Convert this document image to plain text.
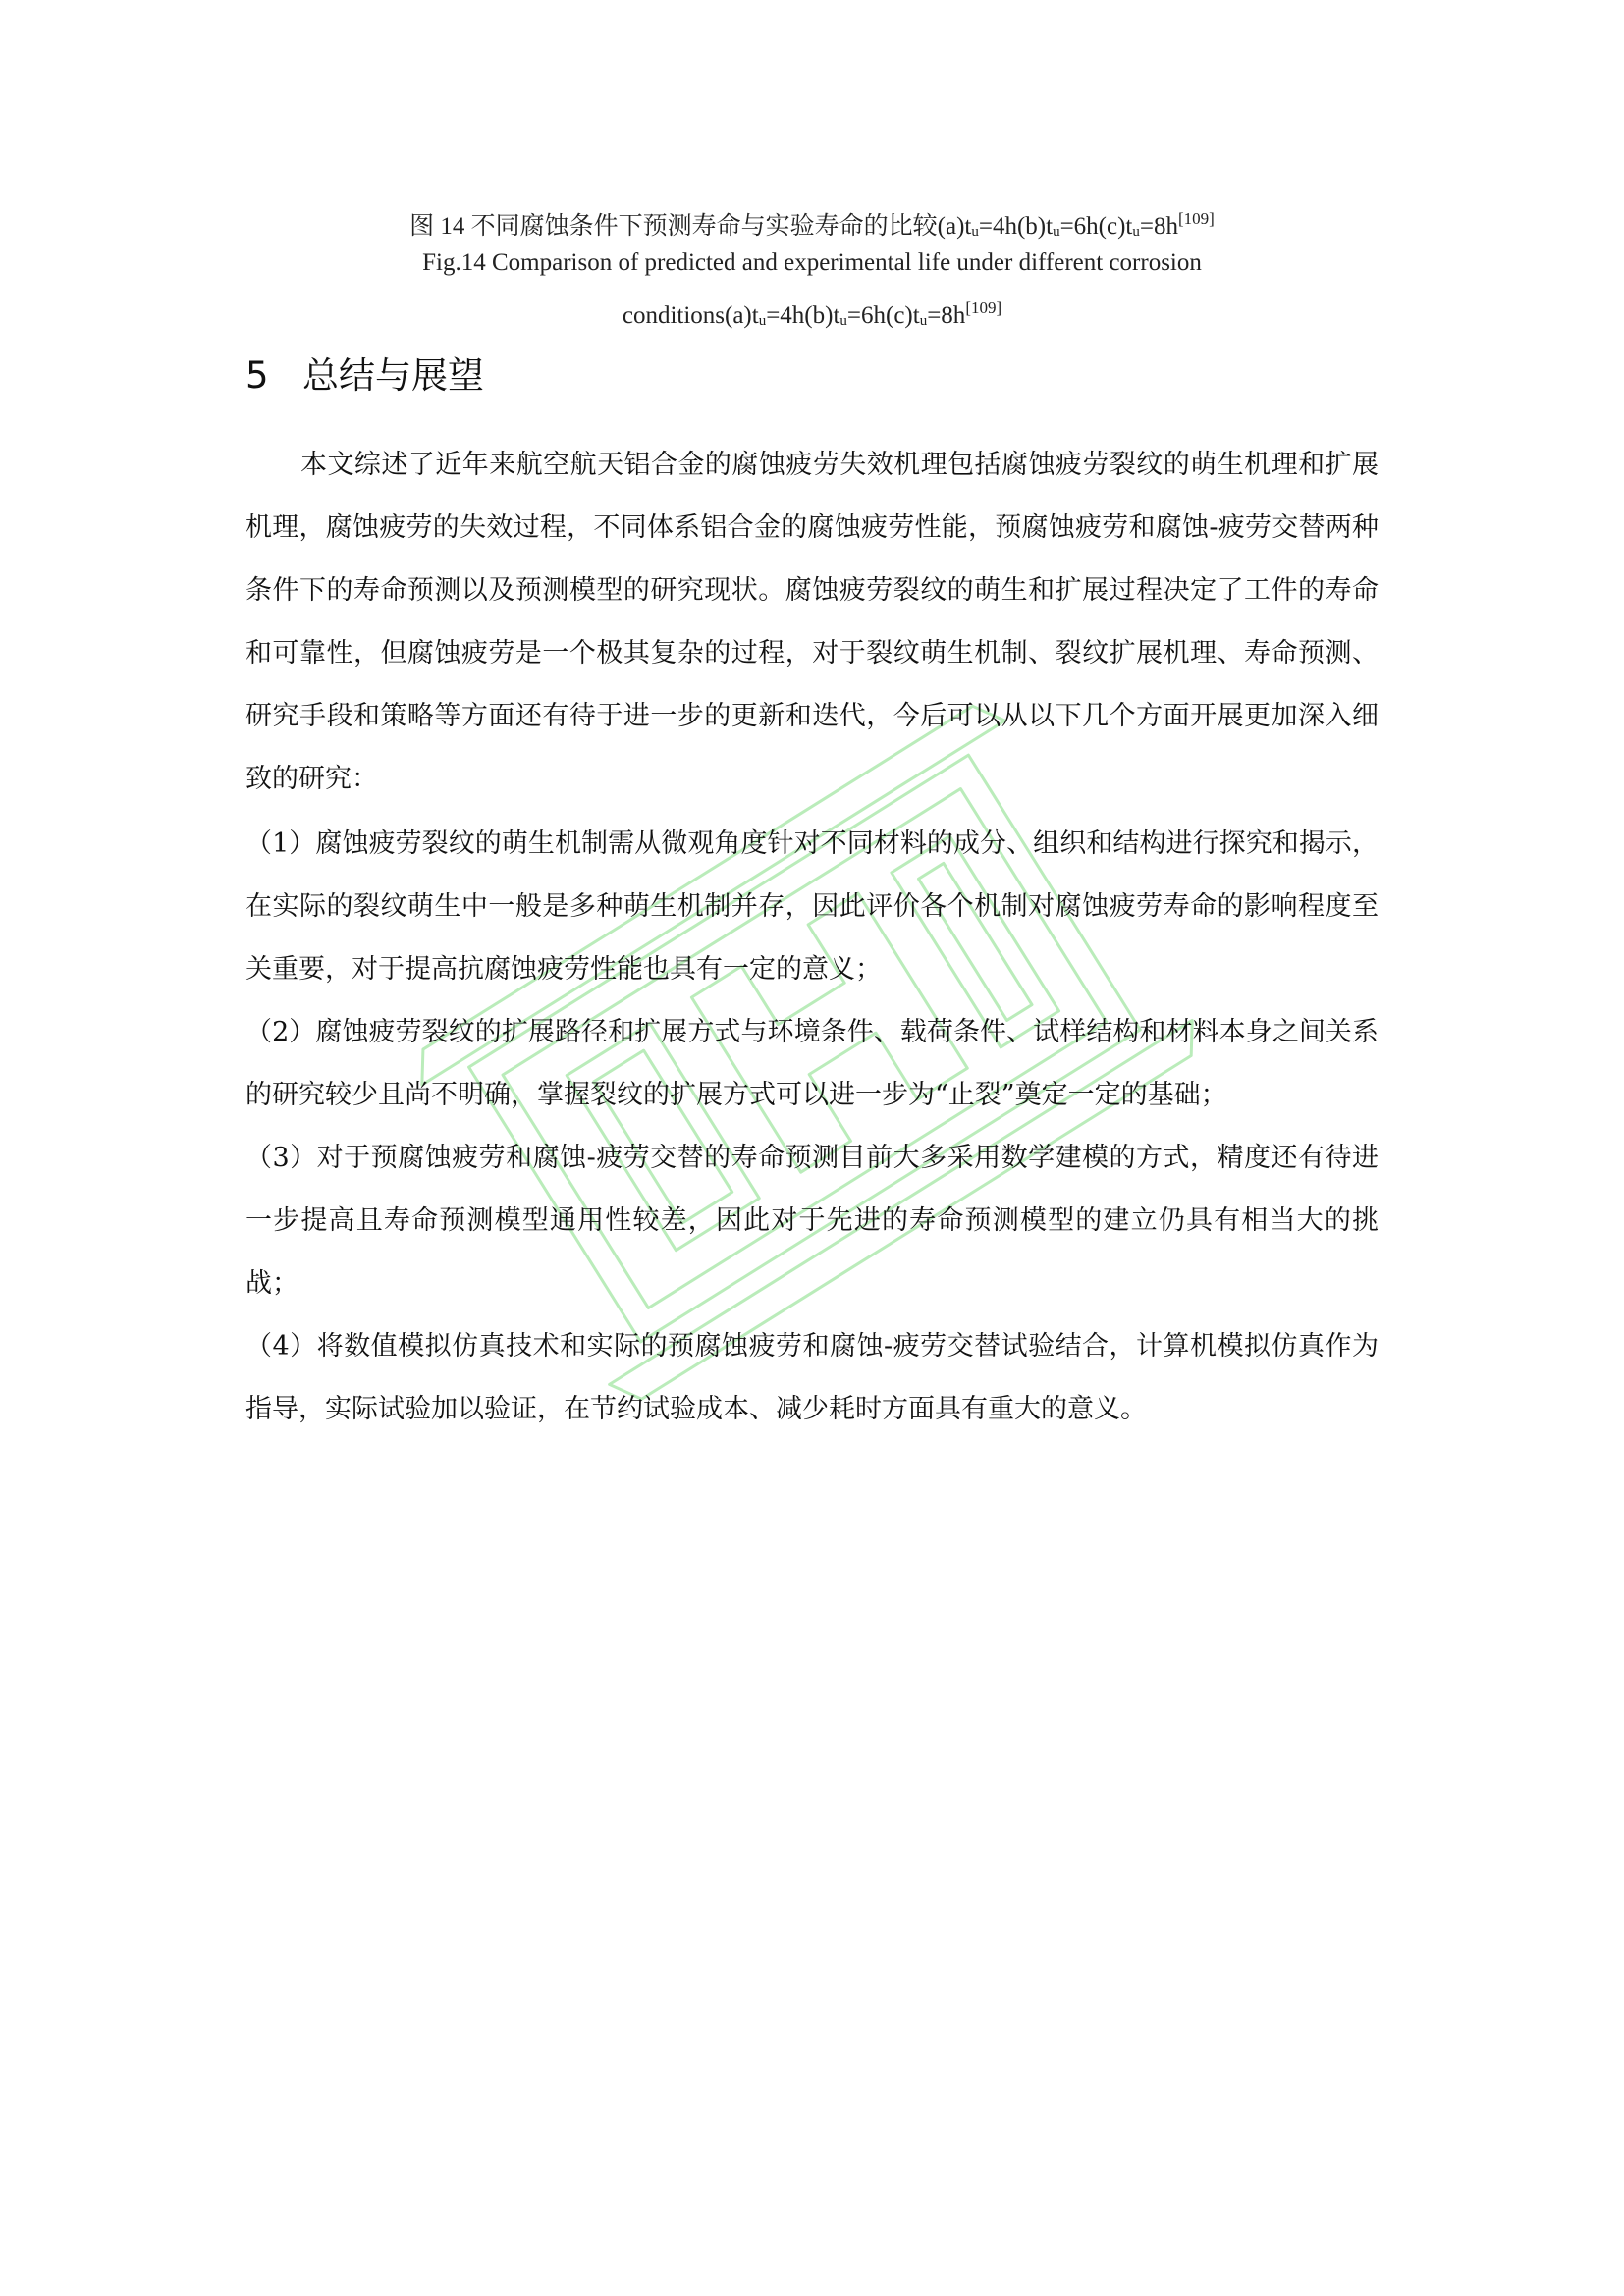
图 14 不同腐蚀条件下预测寿命与实验寿命的比较$(a)t_u=4h(b)t_u=6h(c)t_u=8h[109]$
Fig.14 Comparison of predicted and experimental life under different corrosion
$conditions(a)t_u=4h(b)t_u=6h(c)t_u=8h[109]$
5 总结与展望
本文综述了近年来航空航天铝合金的腐蚀疲劳失效机理包括腐蚀疲劳裂纹的萌生机理和扩展机理，腐蚀疲劳的失效过程，不同体系铝合金的腐蚀疲劳性能，预腐蚀疲劳和腐蚀-疲劳交替两种条件下的寿命预测以及预测模型的研究现状。腐蚀疲劳裂纹的萌生和扩展过程决定了工件的寿命和可靠性，但腐蚀疲劳是一个极其复杂的过程，对于裂纹萌生机制、裂纹扩展机理、寿命预测、研究手段和策略等方面还有待于进一步的更新和迭代，今后可以从以下几个方面开展更加深入细致的研究：
（1）腐蚀疲劳裂纹的萌生机制需从微观角度针对不同材料的成分、组织和结构进行探究和揭示，在实际的裂纹萌生中一般是多种萌生机制并存，因此评价各个机制对腐蚀疲劳寿命的影响程度至关重要，对于提高抗腐蚀疲劳性能也具有一定的意义；
（2）腐蚀疲劳裂纹的扩展路径和扩展方式与环境条件、载荷条件、试样结构和材料本身之间关系的研究较少且尚不明确，掌握裂纹的扩展方式可以进一步为“止裂”奠定一定的基础；
（3）对于预腐蚀疲劳和腐蚀-疲劳交替的寿命预测目前大多采用数学建模的方式，精度还有待进一步提高且寿命预测模型通用性较差，因此对于先进的寿命预测模型的建立仍具有相当大的挑战；
（4）将数值模拟仿真技术和实际的预腐蚀疲劳和腐蚀-疲劳交替试验结合，计算机模拟仿真作为指导，实际试验加以验证，在节约试验成本、减少耗时方面具有重大的意义。
